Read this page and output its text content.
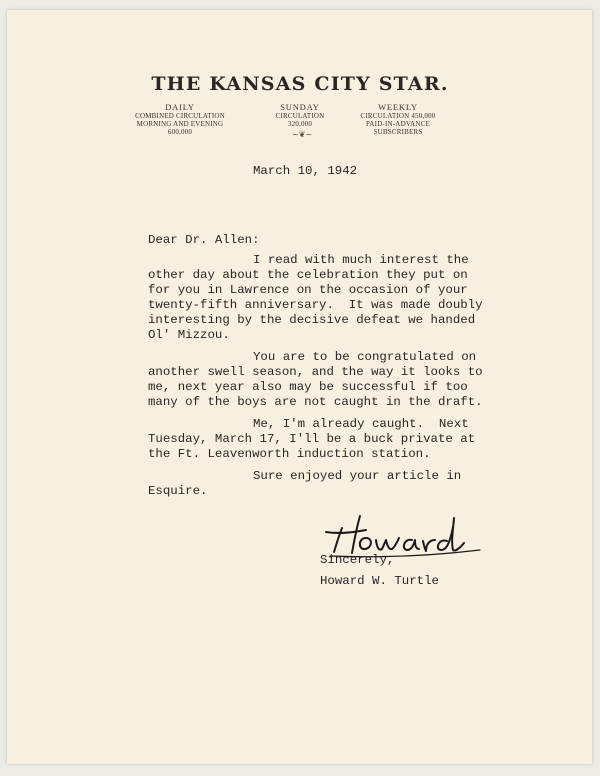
THE KANSAS CITY STAR.
DAILY
COMBINED CIRCULATION
MORNING AND EVENING
600,000
SUNDAY
CIRCULATION
320,000
WEEKLY
CIRCULATION 450,000
PAID-IN-ADVANCE
SUBSCRIBERS
~❦~
March 10, 1942
Dear Dr. Allen:
I read with much interest the
other day about the celebration they put on
for you in Lawrence on the occasion of your
twenty-fifth anniversary.  It was made doubly
interesting by the decisive defeat we handed
Ol' Mizzou.
You are to be congratulated on
another swell season, and the way it looks to
me, next year also may be successful if too
many of the boys are not caught in the draft.
Me, I'm already caught.  Next
Tuesday, March 17, I'll be a buck private at
the Ft. Leavenworth induction station.
Sure enjoyed your article in
Esquire.
Sincerely,
Howard W. Turtle
